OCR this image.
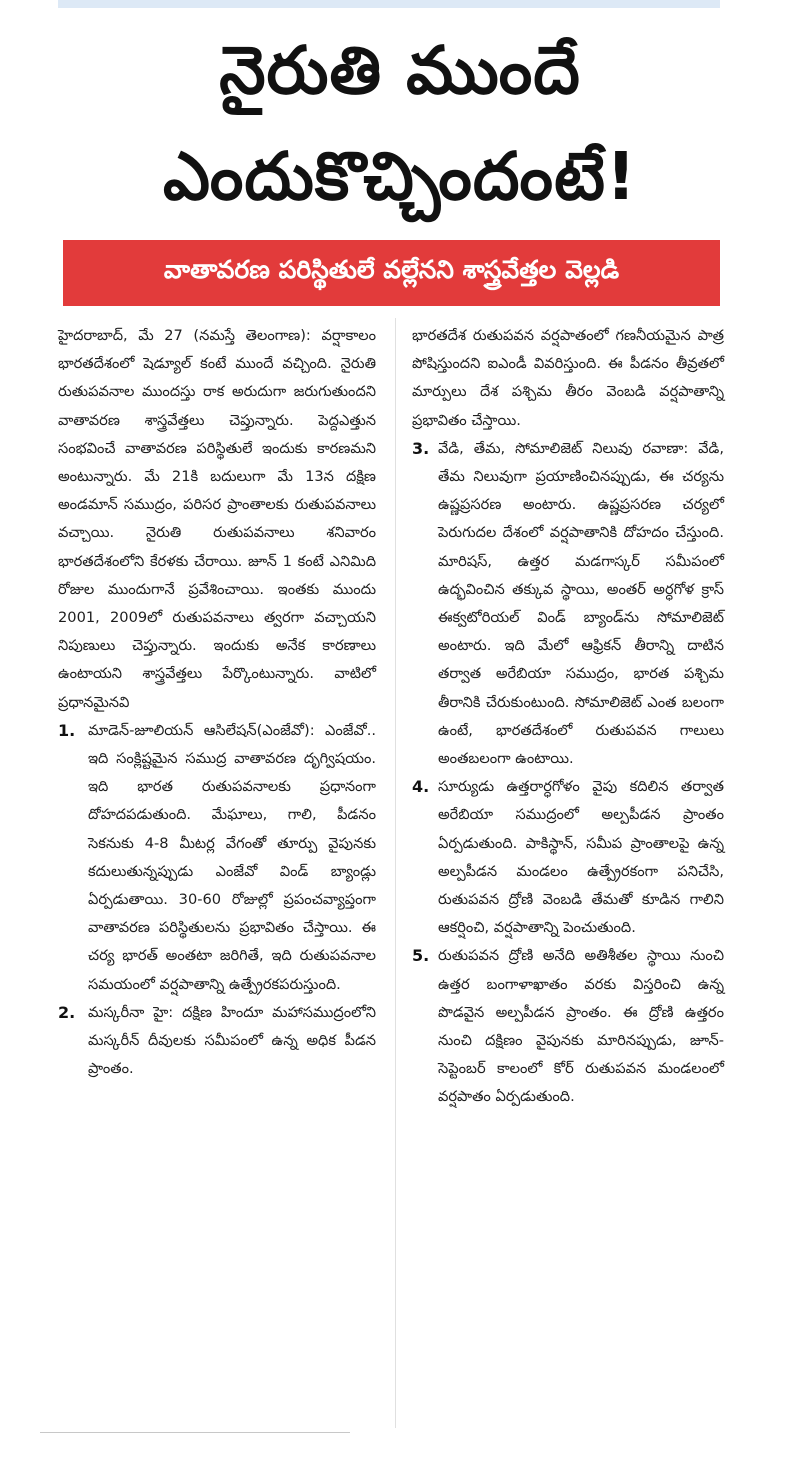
నైరుతి ముందే
ఎందుకొచ్చిందంటే!
వాతావరణ పరిస్థితులే వల్లేనని శాస్త్రవేత్తల వెల్లడి

హైదరాబాద్, మే 27 (నమస్తే తెలంగాణ): వర్షాకాలం భారతదేశంలో షెడ్యూల్ కంటే ముందే వచ్చింది. నైరుతి రుతుపవనాల ముందస్తు రాక అరుదుగా జరుగుతుందని వాతావరణ శాస్త్రవేత్తలు చెప్తున్నారు. పెద్దఎత్తున సంభవించే వాతావరణ పరిస్థితులే ఇందుకు కారణమని అంటున్నారు. మే 21కి బదులుగా మే 13న దక్షిణ అండమాన్ సముద్రం, పరిసర ప్రాంతాలకు రుతుపవనాలు వచ్చాయి. నైరుతి రుతుపవనాలు శనివారం భారతదేశంలోని కేరళకు చేరాయి. జూన్ 1 కంటే ఎనిమిది రోజుల ముందుగానే ప్రవేశించాయి. ఇంతకు ముందు 2001, 2009లో రుతుపవనాలు త్వరగా వచ్చాయని నిపుణులు చెప్తున్నారు. ఇందుకు అనేక కారణాలు ఉంటాయని శాస్త్రవేత్తలు పేర్కొంటున్నారు. వాటిలో ప్రధానమైనవి

1. మాడెన్-జూలియన్ ఆసిలేషన్(ఎంజేవో): ఎంజేవో.. ఇది సంక్లిష్టమైన సముద్ర వాతావరణ దృగ్విషయం. ఇది భారత రుతుపవనాలకు ప్రధానంగా దోహదపడుతుంది. మేఘాలు, గాలి, పీడనం సెకనుకు 4-8 మీటర్ల వేగంతో తూర్పు వైపునకు కదులుతున్నప్పుడు ఎంజేవో విండ్ బ్యాండ్లు ఏర్పడుతాయి. 30-60 రోజుల్లో ప్రపంచవ్యాప్తంగా వాతావరణ పరిస్థితులను ప్రభావితం చేస్తాయి. ఈ చర్య భారత్ అంతటా జరిగితే, ఇది రుతుపవనాల సమయంలో వర్షపాతాన్ని ఉత్ప్రేరకపరుస్తుంది.
2. మస్కరీనా హై: దక్షిణ హిందూ మహాసముద్రంలోని మస్కరీన్ దీవులకు సమీపంలో ఉన్న అధిక పీడన ప్రాంతం.

భారతదేశ రుతుపవన వర్షపాతంలో గణనీయమైన పాత్ర పోషిస్తుందని ఐఎండీ వివరిస్తుంది. ఈ పీడనం తీవ్రతలో మార్పులు దేశ పశ్చిమ తీరం వెంబడి వర్షపాతాన్ని ప్రభావితం చేస్తాయి.

3. వేడి, తేమ, సోమాలిజెట్ నిలువు రవాణా: వేడి, తేమ నిలువుగా ప్రయాణించినప్పుడు, ఈ చర్యను ఉష్ణప్రసరణ అంటారు. ఉష్ణప్రసరణ చర్యలో పెరుగుదల దేశంలో వర్షపాతానికి దోహదం చేస్తుంది. మారిషస్, ఉత్తర మడగాస్కర్ సమీపంలో ఉద్భవించిన తక్కువ స్థాయి, అంతర్ అర్ధగోళ క్రాస్ ఈక్వటోరియల్ విండ్ బ్యాండ్‌ను సోమాలిజెట్ అంటారు. ఇది మేలో ఆఫ్రికన్ తీరాన్ని దాటిన తర్వాత అరేబియా సముద్రం, భారత పశ్చిమ తీరానికి చేరుకుంటుంది. సోమాలిజెట్ ఎంత బలంగా ఉంటే, భారతదేశంలో రుతుపవన గాలులు అంతబలంగా ఉంటాయి.
4. సూర్యుడు ఉత్తరార్ధగోళం వైపు కదిలిన తర్వాత అరేబియా సముద్రంలో అల్పపీడన ప్రాంతం ఏర్పడుతుంది. పాకిస్థాన్, సమీప ప్రాంతాలపై ఉన్న అల్పపీడన మండలం ఉత్ప్రేరకంగా పనిచేసి, రుతుపవన ద్రోణి వెంబడి తేమతో కూడిన గాలిని ఆకర్షించి, వర్షపాతాన్ని పెంచుతుంది.
5. రుతుపవన ద్రోణి అనేది అతిశీతల స్థాయి నుంచి ఉత్తర బంగాళాఖాతం వరకు విస్తరించి ఉన్న పొడవైన అల్పపీడన ప్రాంతం. ఈ ద్రోణి ఉత్తరం నుంచి దక్షిణం వైపునకు మారినప్పుడు, జూన్-సెప్టెంబర్ కాలంలో కోర్ రుతుపవన మండలంలో వర్షపాతం ఏర్పడుతుంది.
